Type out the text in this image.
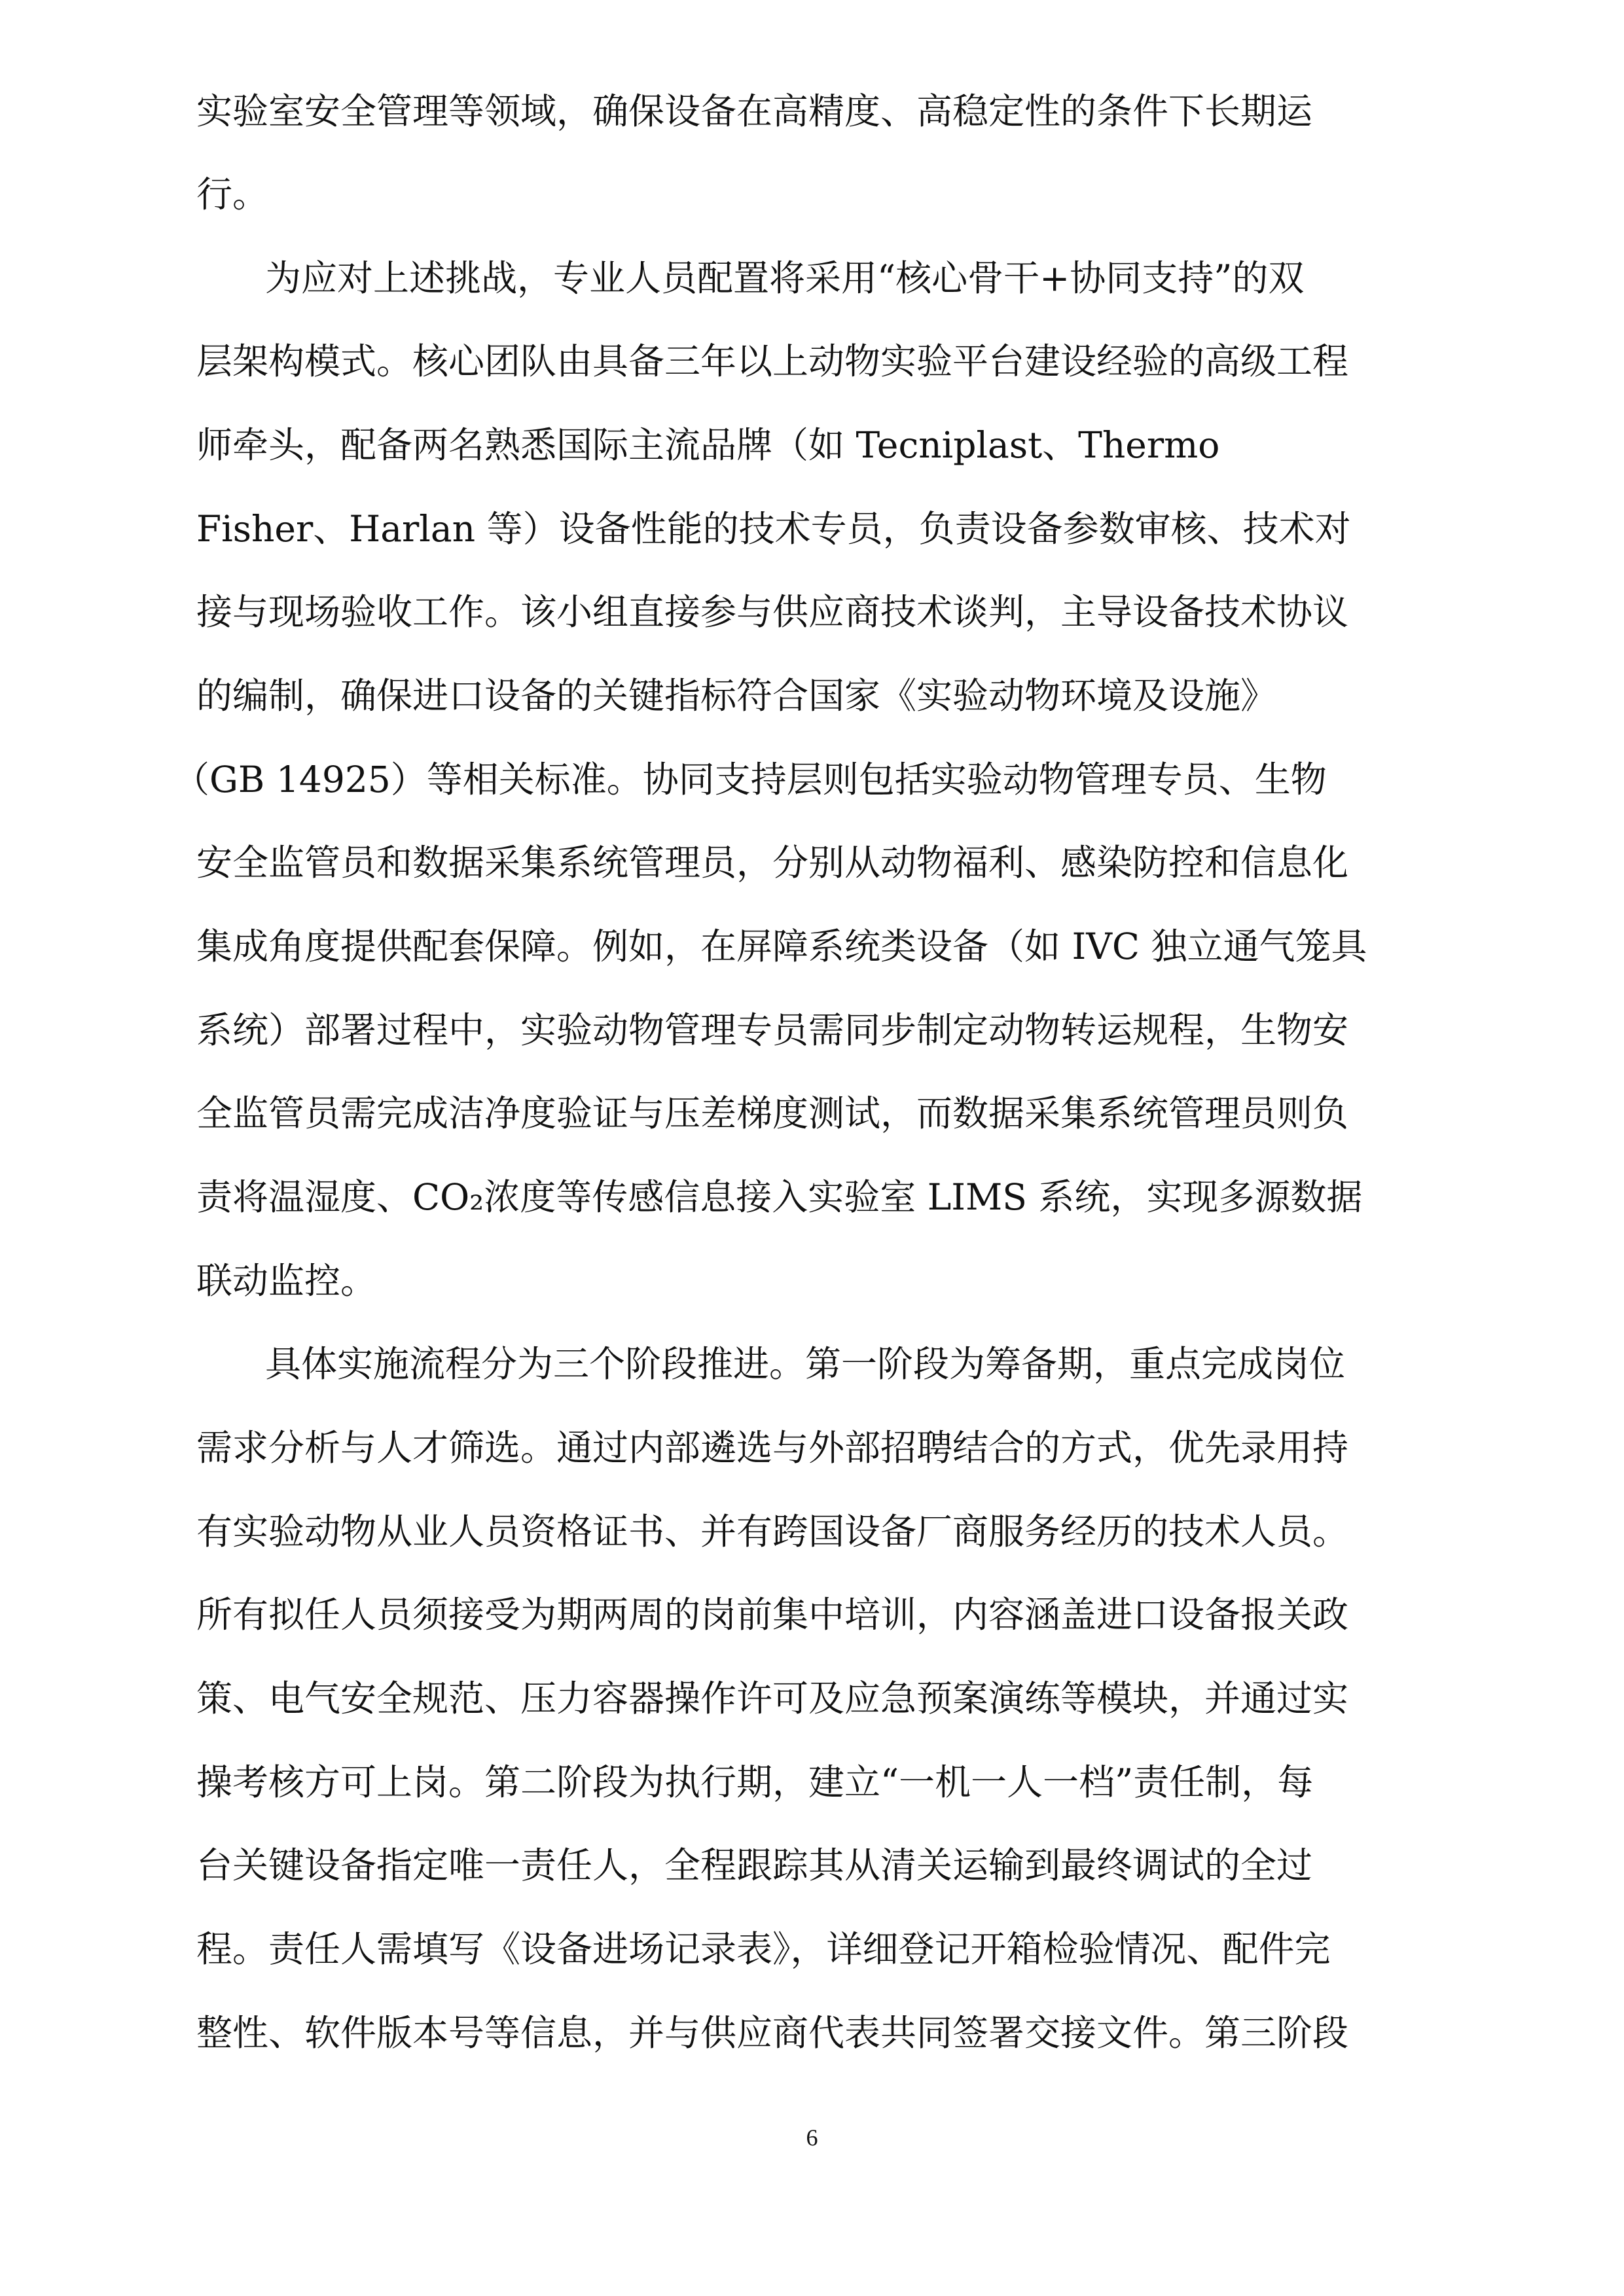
实验室安全管理等领域，确保设备在高精度、高稳定性的条件下长期运
行。
为应对上述挑战，专业人员配置将采用“核心骨干+协同支持”的双
层架构模式。核心团队由具备三年以上动物实验平台建设经验的高级工程
师牵头，配备两名熟悉国际主流品牌（如 Tecniplast、Thermo
Fisher、Harlan 等）设备性能的技术专员，负责设备参数审核、技术对
接与现场验收工作。该小组直接参与供应商技术谈判，主导设备技术协议
的编制，确保进口设备的关键指标符合国家《实验动物环境及设施》
（GB 14925）等相关标准。协同支持层则包括实验动物管理专员、生物
安全监管员和数据采集系统管理员，分别从动物福利、感染防控和信息化
集成角度提供配套保障。例如，在屏障系统类设备（如 IVC 独立通气笼具
系统）部署过程中，实验动物管理专员需同步制定动物转运规程，生物安
全监管员需完成洁净度验证与压差梯度测试，而数据采集系统管理员则负
责将温湿度、CO₂浓度等传感信息接入实验室 LIMS 系统，实现多源数据
联动监控。
具体实施流程分为三个阶段推进。第一阶段为筹备期，重点完成岗位
需求分析与人才筛选。通过内部遴选与外部招聘结合的方式，优先录用持
有实验动物从业人员资格证书、并有跨国设备厂商服务经历的技术人员。
所有拟任人员须接受为期两周的岗前集中培训，内容涵盖进口设备报关政
策、电气安全规范、压力容器操作许可及应急预案演练等模块，并通过实
操考核方可上岗。第二阶段为执行期，建立“一机一人一档”责任制，每
台关键设备指定唯一责任人，全程跟踪其从清关运输到最终调试的全过
程。责任人需填写《设备进场记录表》，详细登记开箱检验情况、配件完
整性、软件版本号等信息，并与供应商代表共同签署交接文件。第三阶段
6
